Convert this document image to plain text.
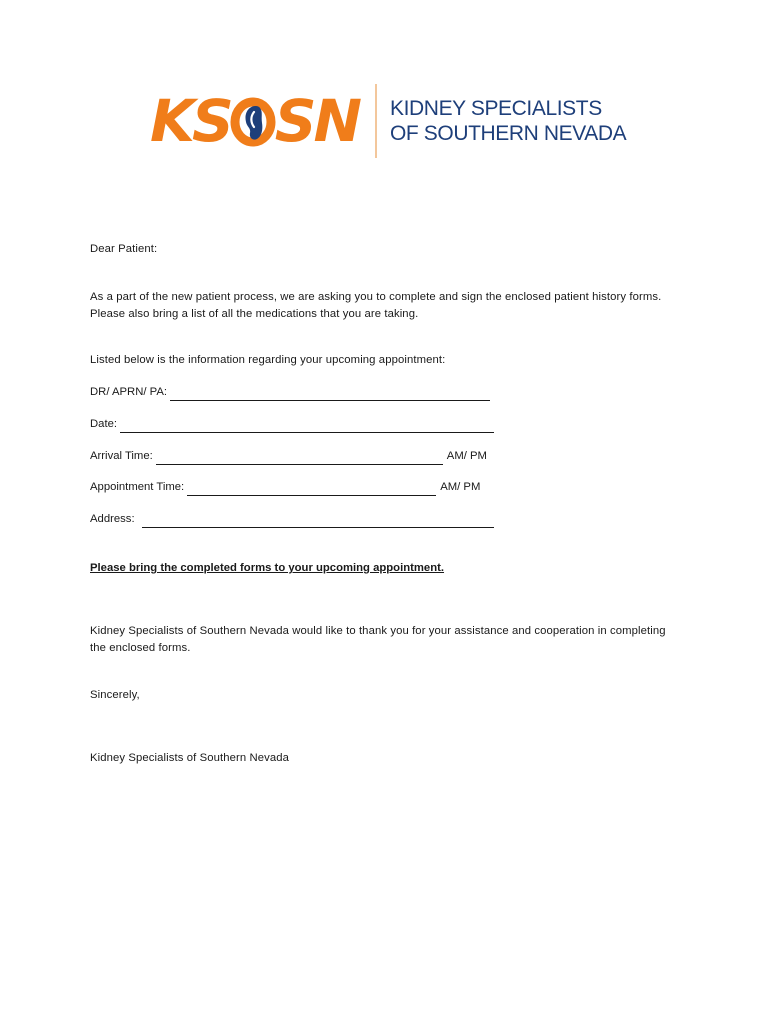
KS SN KIDNEY SPECIALISTS
OF SOUTHERN NEVADA
Dear Patient:
As a part of the new patient process, we are asking you to complete and sign the enclosed patient history forms. Please also bring a list of all the medications that you are taking.
Listed below is the information regarding your upcoming appointment:
DR/ APRN/ PA:
Date:
Arrival Time:	AM/ PM
Appointment Time:	AM/ PM
Address:
Please bring the completed forms to your upcoming appointment.
Kidney Specialists of Southern Nevada would like to thank you for your assistance and cooperation in completing the enclosed forms.
Sincerely,
Kidney Specialists of Southern Nevada
